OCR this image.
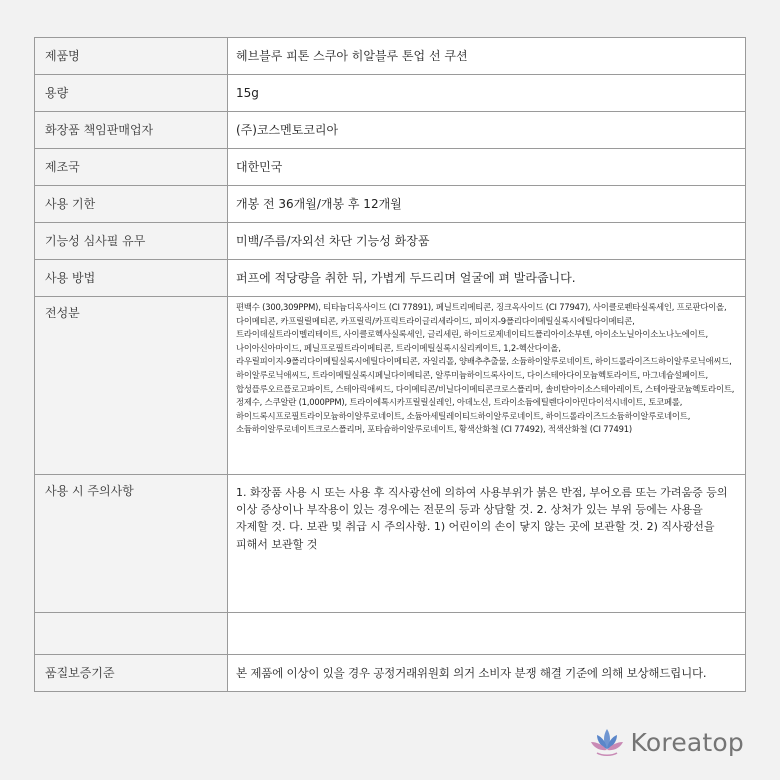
제품명	헤브블루 피톤 스쿠아 히알블루 톤업 선 쿠션
용량	15g
화장품 책임판매업자	(주)코스멘토코리아
제조국	대한민국
사용 기한	개봉 전 36개월/개봉 후 12개월
기능성 심사필 유무	미백/주름/자외선 차단 기능성 화장품
사용 방법	퍼프에 적당량을 취한 뒤, 가볍게 두드리며 얼굴에 펴 발라줍니다.
전성분	편백수 (300,309PPM), 티타늄디옥사이드 (CI 77891), 페닐트리메티콘, 징크옥사이드 (CI 77947), 사이클로펜타실록세인, 프로판다이올, 다이메티콘, 카프릴릴메티콘, 카프릴릭/카프릭트라이글리세라이드, 피이지-9폴리다이메틸실록시에틸다이메티콘, 트라이데실트라이멜리테이트, 사이클로헥사실록세인, 글리세린, 하이드로제네이티드폴리아이소부텐, 아이소노닐아이소노나노에이트, 나이아신아마이드, 페닐프로필트라이메티콘, 트라이메틸실록시실리케이트, 1,2-헥산다이올, 라우릴피이지-9폴리다이메틸실록시에틸다이메티콘, 자일리톨, 양배추추출물, 소듐하이알루로네이트, 하이드롤라이즈드하이알루로닉애씨드, 하이알루로닉애씨드, 트라이메틸실록시페닐다이메티콘, 알루미늄하이드록사이드, 다이스테아다이모늄헥토라이트, 마그네슘설페이트, 합성플루오르플로고파이트, 스테아릭애씨드, 다이메티콘/비닐다이메티콘크로스폴리머, 솔비탄아이소스테아레이트, 스테아랄코늄헥토라이트, 정제수, 스쿠알란 (1,000PPM), 트라이에톡시카프릴릴실레인, 아데노신, 트라이소듐에틸렌다이아민다이석시네이트, 토코페롤, 하이드록시프로필트라이모늄하이알루로네이트, 소듐아세틸레이티드하이알루로네이트, 하이드롤라이즈드소듐하이알루로네이트, 소듐하이알루로네이트크로스폴리머, 포타슘하이알루로네이트, 황색산화철 (CI 77492), 적색산화철 (CI 77491)
사용 시 주의사항	1. 화장품 사용 시 또는 사용 후 직사광선에 의하여 사용부위가 붉은 반점, 부어오름 또는 가려움증 등의 이상 증상이나 부작용이 있는 경우에는 전문의 등과 상담할 것. 2. 상처가 있는 부위 등에는 사용을 자제할 것. 다. 보관 및 취급 시 주의사항. 1) 어린이의 손이 닿지 않는 곳에 보관할 것. 2) 직사광선을 피해서 보관할 것

품질보증기준	본 제품에 이상이 있을 경우 공정거래위원회 의거 소비자 분쟁 해결 기준에 의해 보상해드립니다.
Koreatop
